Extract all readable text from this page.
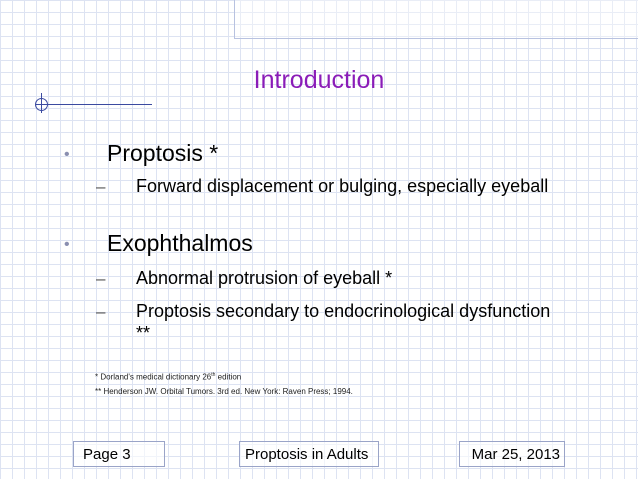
Introduction
• Proptosis *
– Forward displacement or bulging, especially eyeball
• Exophthalmos
– Abnormal protrusion of eyeball *
– Proptosis secondary to endocrinological dysfunction **
* Dorland's medical dictionary 26th edition
** Henderson JW. Orbital Tumors. 3rd ed. New York: Raven Press; 1994.
Page 3	Proptosis in Adults	Mar 25, 2013
